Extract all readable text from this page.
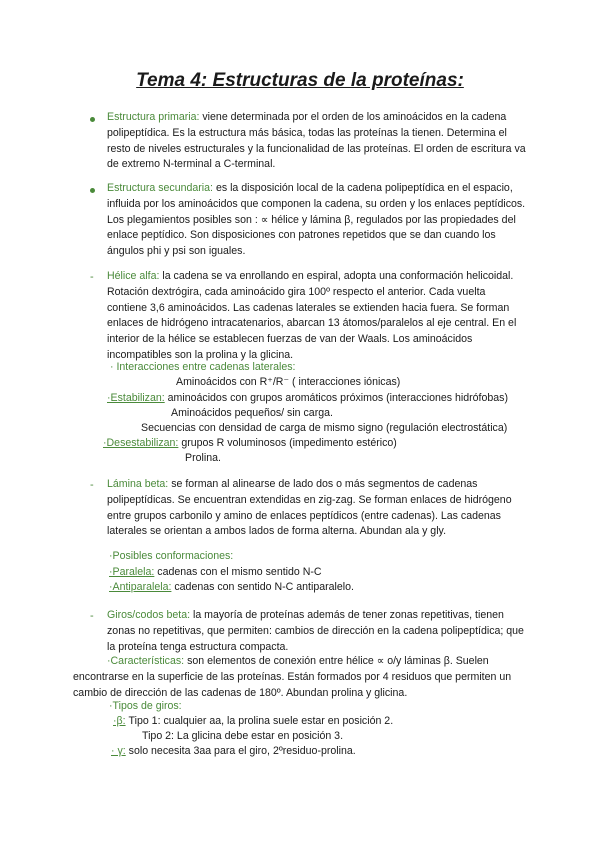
Tema 4: Estructuras de la proteínas:
Estructura primaria: viene determinada por el orden de los aminoácidos en la cadena polipeptídica. Es la estructura más básica, todas las proteínas la tienen. Determina el resto de niveles estructurales y la funcionalidad de las proteínas. El orden de escritura va de extremo N-terminal a C-terminal.
Estructura secundaria: es la disposición local de la cadena polipeptídica en el espacio, influida por los aminoácidos que componen la cadena, su orden y los enlaces peptídicos. Los plegamientos posibles son : ∝ hélice y lámina β, regulados por las propiedades del enlace peptídico. Son disposiciones con patrones repetidos que se dan cuando los ángulos phi y psi son iguales.
- Hélice alfa: la cadena se va enrollando en espiral, adopta una conformación helicoidal. Rotación dextrógira, cada aminoácido gira 100º respecto el anterior. Cada vuelta contiene 3,6 aminoácidos. Las cadenas laterales se extienden hacia fuera. Se forman enlaces de hidrógeno intracatenarios, abarcan 13 átomos/paralelos al eje central. En el interior de la hélice se establecen fuerzas de van der Waals. Los aminoácidos incompatibles son la prolina y la glicina.
· Interacciones entre cadenas laterales:
Aminoácidos con R⁺/R⁻ ( interacciones iónicas)
·Estabilizan: aminoácidos con grupos aromáticos próximos (interacciones hidrófobas)
Aminoácidos pequeños/ sin carga.
Secuencias con densidad de carga de mismo signo (regulación electrostática)
·Desestabilizan: grupos R voluminosos (impedimento estérico)
Prolina.
- Lámina beta: se forman al alinearse de lado dos o más segmentos de cadenas polipeptídicas. Se encuentran extendidas en zig-zag. Se forman enlaces de hidrógeno entre grupos carbonilo y amino de enlaces peptídicos (entre cadenas). Las cadenas laterales se orientan a ambos lados de forma alterna. Abundan ala y gly.
·Posibles conformaciones:
·Paralela: cadenas con el mismo sentido N-C
·Antiparalela: cadenas con sentido N-C antiparalelo.
- Giros/codos beta: la mayoría de proteínas además de tener zonas repetitivas, tienen zonas no repetitivas, que permiten: cambios de dirección en la cadena polipeptídica; que la proteína tenga estructura compacta.
·Características: son elementos de conexión entre hélice ∝ o/y láminas β. Suelen encontrarse en la superficie de las proteínas. Están formados por 4 residuos que permiten un cambio de dirección de las cadenas de 180º. Abundan prolina y glicina.
·Tipos de giros:
·β: Tipo 1: cualquier aa, la prolina suele estar en posición 2.
Tipo 2: La glicina debe estar en posición 3.
· γ: solo necesita 3aa para el giro, 2ºresiduo-prolina.
